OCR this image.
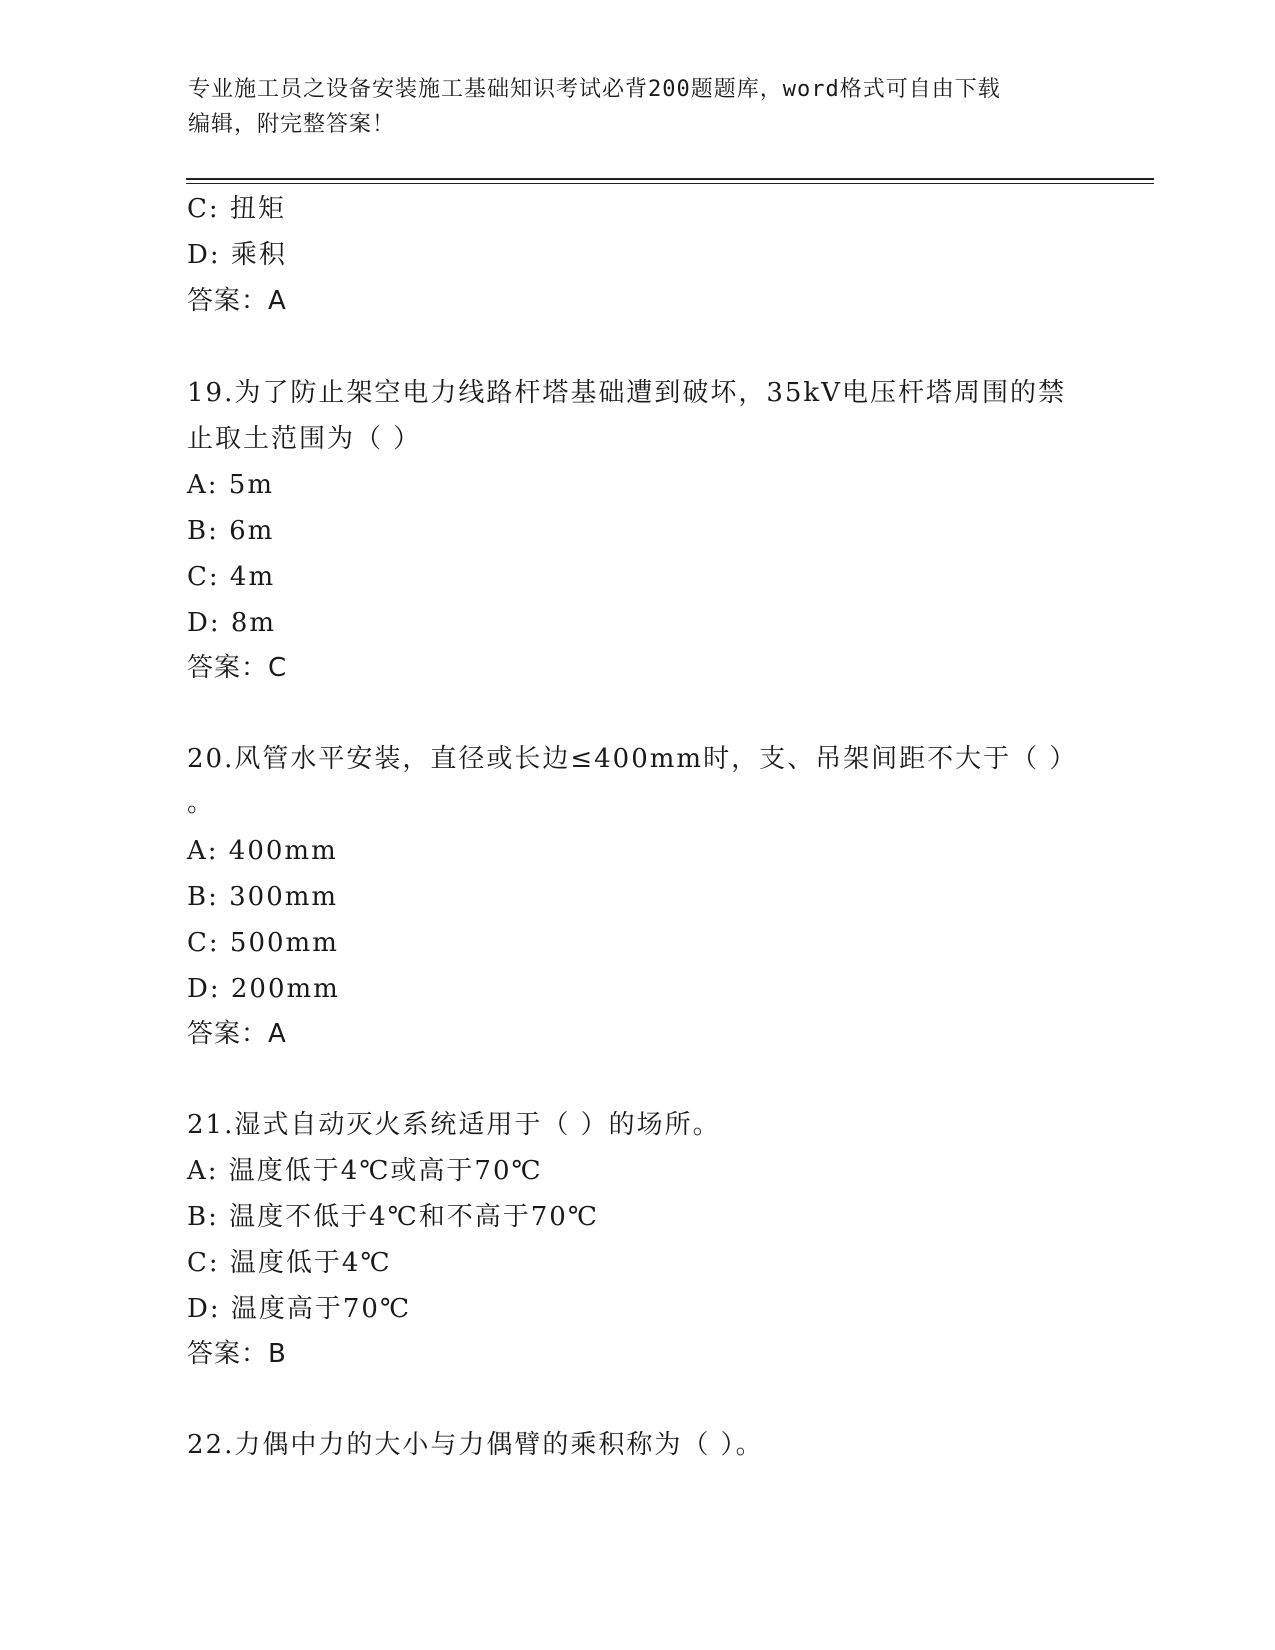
专业施工员之设备安装施工基础知识考试必背200题题库，word格式可自由下载
编辑，附完整答案！
C: 扭矩
D: 乘积
答案：A
19.为了防止架空电力线路杆塔基础遭到破坏，35kV电压杆塔周围的禁
止取土范围为（ ）
A: 5m
B: 6m
C: 4m
D: 8m
答案：C
20.风管水平安装，直径或长边≤400mm时，支、吊架间距不大于（ ）
。
A: 400mm
B: 300mm
C: 500mm
D: 200mm
答案：A
21.湿式自动灭火系统适用于（ ）的场所。
A: 温度低于4℃或高于70℃
B: 温度不低于4℃和不高于70℃
C: 温度低于4℃
D: 温度高于70℃
答案：B
22.力偶中力的大小与力偶臂的乘积称为（ ）。
